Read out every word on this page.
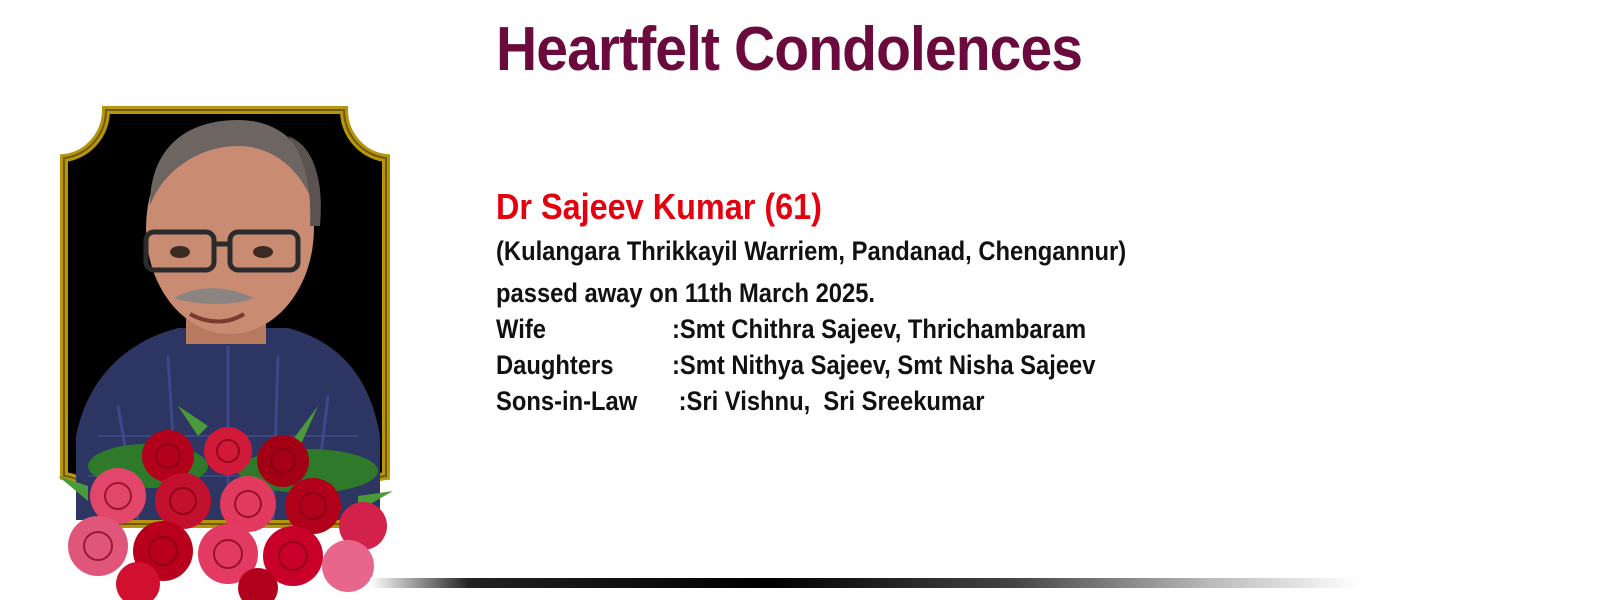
Heartfelt Condolences
Dr Sajeev Kumar (61)
(Kulangara Thrikkayil Warriem, Pandanad, Chengannur)
passed away on 11th March 2025.
Wife	:Smt Chithra Sajeev, Thrichambaram
Daughters :Smt Nithya Sajeev, Smt Nisha Sajeev
Sons-in-Law :Sri Vishnu,  Sri Sreekumar
